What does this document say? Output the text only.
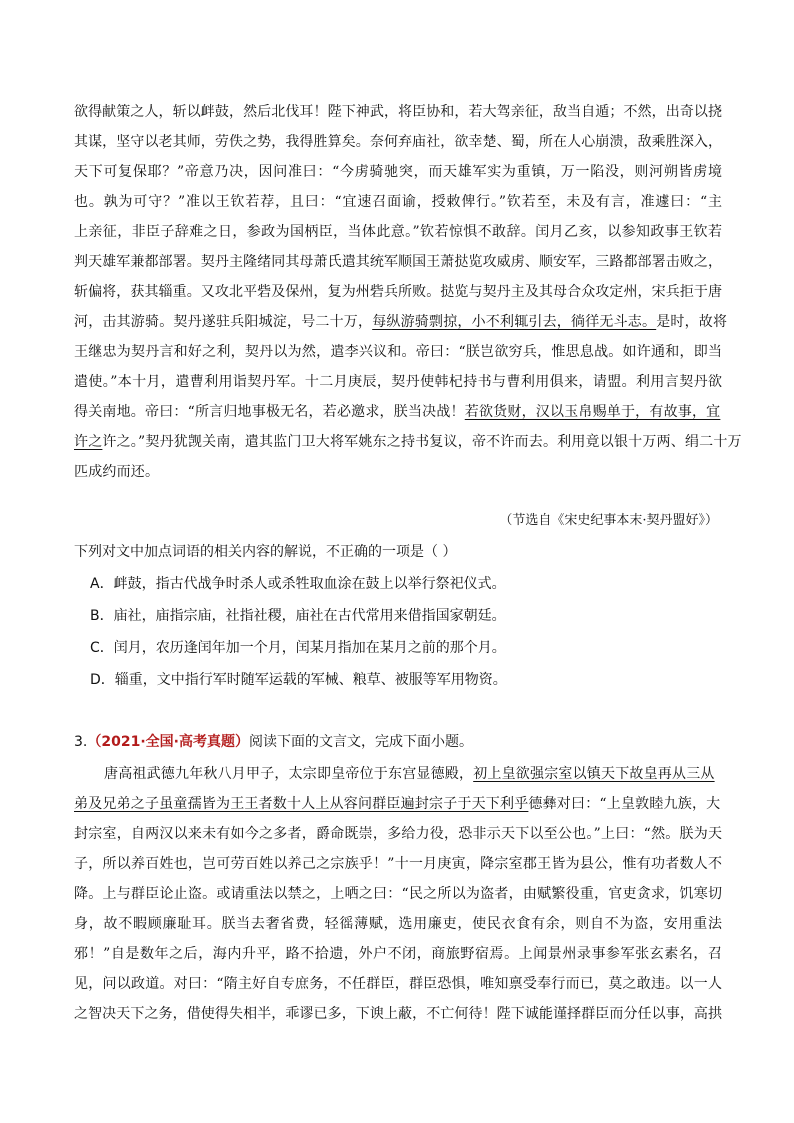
欲得献策之人，斩以衅鼓，然后北伐耳！陛下神武，将臣协和，若大驾亲征，敌当自遁；不然，出奇以挠
其谋，坚守以老其师，劳佚之势，我得胜算矣。奈何弃庙社，欲幸楚、蜀，所在人心崩溃，敌乘胜深入，
天下可复保耶？”帝意乃决，因问准曰：“今虏骑驰突，而天雄军实为重镇，万一陷没，则河朔皆虏境
也。孰为可守？”准以王钦若荐，且曰：“宜速召面谕，授敕俾行。”钦若至，未及有言，准遽曰：“主
上亲征，非臣子辞难之日，参政为国柄臣，当体此意。”钦若惊惧不敢辞。闰月乙亥，以参知政事王钦若
判天雄军兼都部署。契丹主隆绪同其母萧氏遣其统军顺国王萧挞览攻威虏、顺安军，三路都部署击败之，
斩偏将，获其辎重。又攻北平砦及保州，复为州砦兵所败。挞览与契丹主及其母合众攻定州，宋兵拒于唐
河，击其游骑。契丹遂驻兵阳城淀，号二十万，每纵游骑剽掠，小不利辄引去，徜徉无斗志。是时，故将
王继忠为契丹言和好之利，契丹以为然，遣李兴议和。帝曰：“朕岂欲穷兵，惟思息战。如许通和，即当
遣使。”本十月，遣曹利用诣契丹军。十二月庚辰，契丹使韩杞持书与曹利用俱来，请盟。利用言契丹欲
得关南地。帝曰：“所言归地事极无名，若必邀求，朕当决战！若欲货财，汉以玉帛赐单于，有故事，宜
许之许之。”契丹犹觊关南，遣其监门卫大将军姚东之持书复议，帝不许而去。利用竟以银十万两、绢二十万
匹成约而还。
（节选自《宋史纪事本末·契丹盟好》）
下列对文中加点词语的相关内容的解说，不正确的一项是（ ）
A．衅鼓，指古代战争时杀人或杀牲取血涂在鼓上以举行祭祀仪式。
B．庙社，庙指宗庙，社指社稷，庙社在古代常用来借指国家朝廷。
C．闰月，农历逢闰年加一个月，闰某月指加在某月之前的那个月。
D．辎重，文中指行军时随军运载的军械、粮草、被服等军用物资。
3.（2021·全国·高考真题）阅读下面的文言文，完成下面小题。
唐高祖武德九年秋八月甲子，太宗即皇帝位于东宫显德殿，初上皇欲强宗室以镇天下故皇再从三从
弟及兄弟之子虽童孺皆为王王者数十人上从容问群臣遍封宗子于天下利乎德彝对曰：“上皇敦睦九族，大
封宗室，自两汉以来未有如今之多者，爵命既崇，多给力役，恐非示天下以至公也。”上曰：“然。朕为天
子，所以养百姓也，岂可劳百姓以养己之宗族乎！”十一月庚寅，降宗室郡王皆为县公，惟有功者数人不
降。上与群臣论止盗。或请重法以禁之，上哂之曰：“民之所以为盗者，由赋繁役重，官吏贪求，饥寒切
身，故不暇顾廉耻耳。朕当去奢省费，轻徭薄赋，选用廉吏，使民衣食有余，则自不为盗，安用重法
邪！”自是数年之后，海内升平，路不拾遗，外户不闭，商旅野宿焉。上闻景州录事参军张玄素名，召
见，问以政道。对曰：“隋主好自专庶务，不任群臣，群臣恐惧，唯知禀受奉行而已，莫之敢违。以一人
之智决天下之务，借使得失相半，乖谬已多，下谀上蔽，不亡何待！陛下诚能谨择群臣而分任以事，高拱
